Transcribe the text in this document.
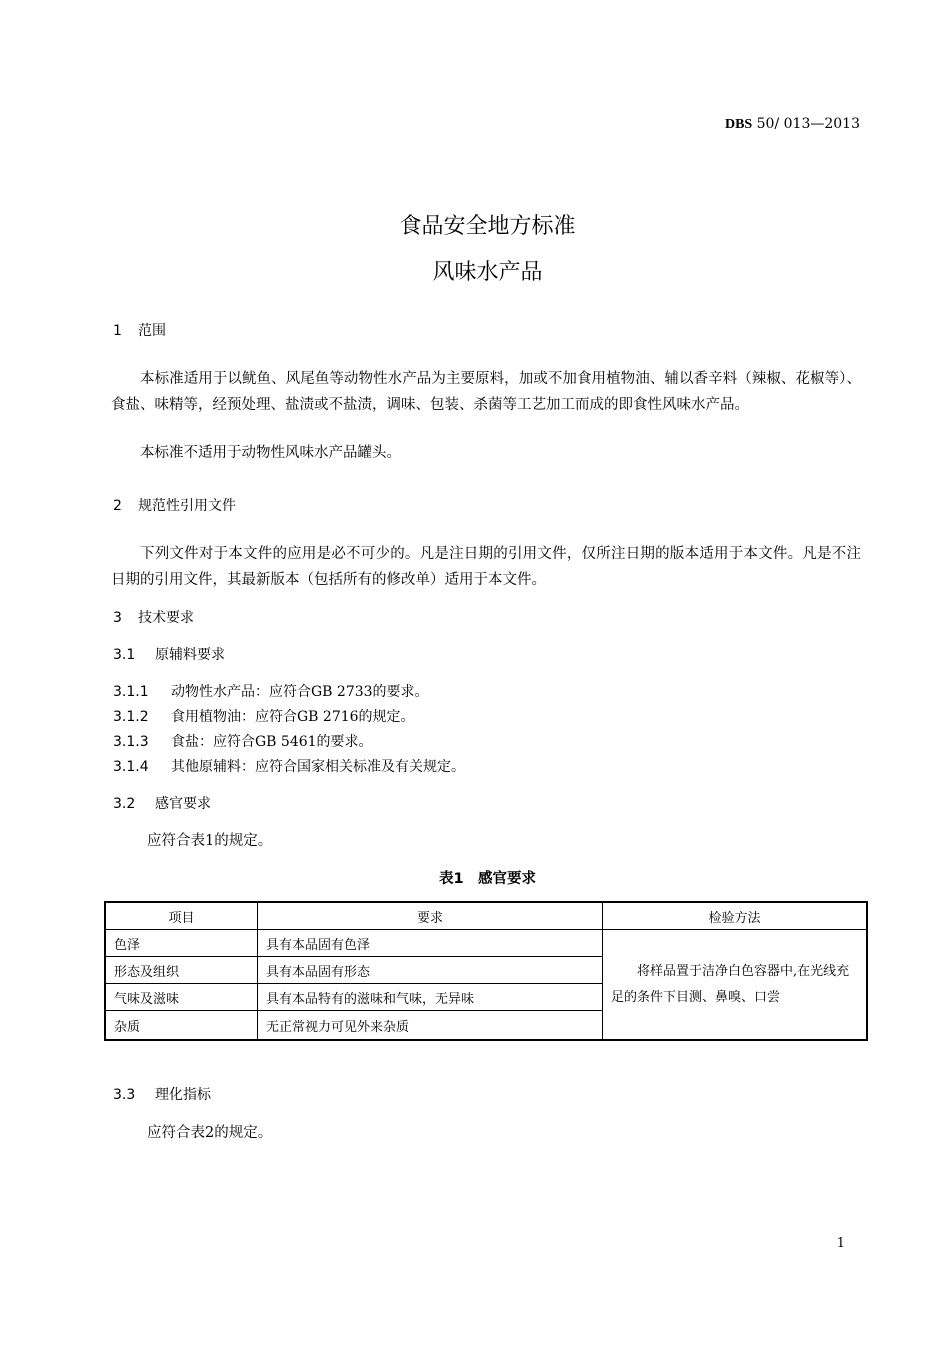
DBS 50/ 013—2013
食品安全地方标准
风味水产品
1 范围

本标准适用于以鱿鱼、风尾鱼等动物性水产品为主要原料，加或不加食用植物油、辅以香辛料（辣椒、花椒等）、食盐、味精等，经预处理、盐渍或不盐渍，调味、包装、杀菌等工艺加工而成的即食性风味水产品。

本标准不适用于动物性风味水产品罐头。

2 规范性引用文件

下列文件对于本文件的应用是必不可少的。凡是注日期的引用文件，仅所注日期的版本适用于本文件。凡是不注日期的引用文件，其最新版本（包括所有的修改单）适用于本文件。

3 技术要求
3.1 原辅料要求
3.1.1 动物性水产品：应符合GB 2733的要求。
3.1.2 食用植物油：应符合GB 2716的规定。
3.1.3 食盐：应符合GB 5461的要求。
3.1.4 其他原辅料：应符合国家相关标准及有关规定。
3.2 感官要求
应符合表1的规定。
表1　感官要求
项目	要求	检验方法
色泽	具有本品固有色泽	将样品置于洁净白色容器中,在光线充足的条件下目测、鼻嗅、口尝
形态及组织	具有本品固有形态	
气味及滋味	具有本品特有的滋味和气味，无异味	
杂质	无正常视力可见外来杂质	
3.3 理化指标
应符合表2的规定。
1
